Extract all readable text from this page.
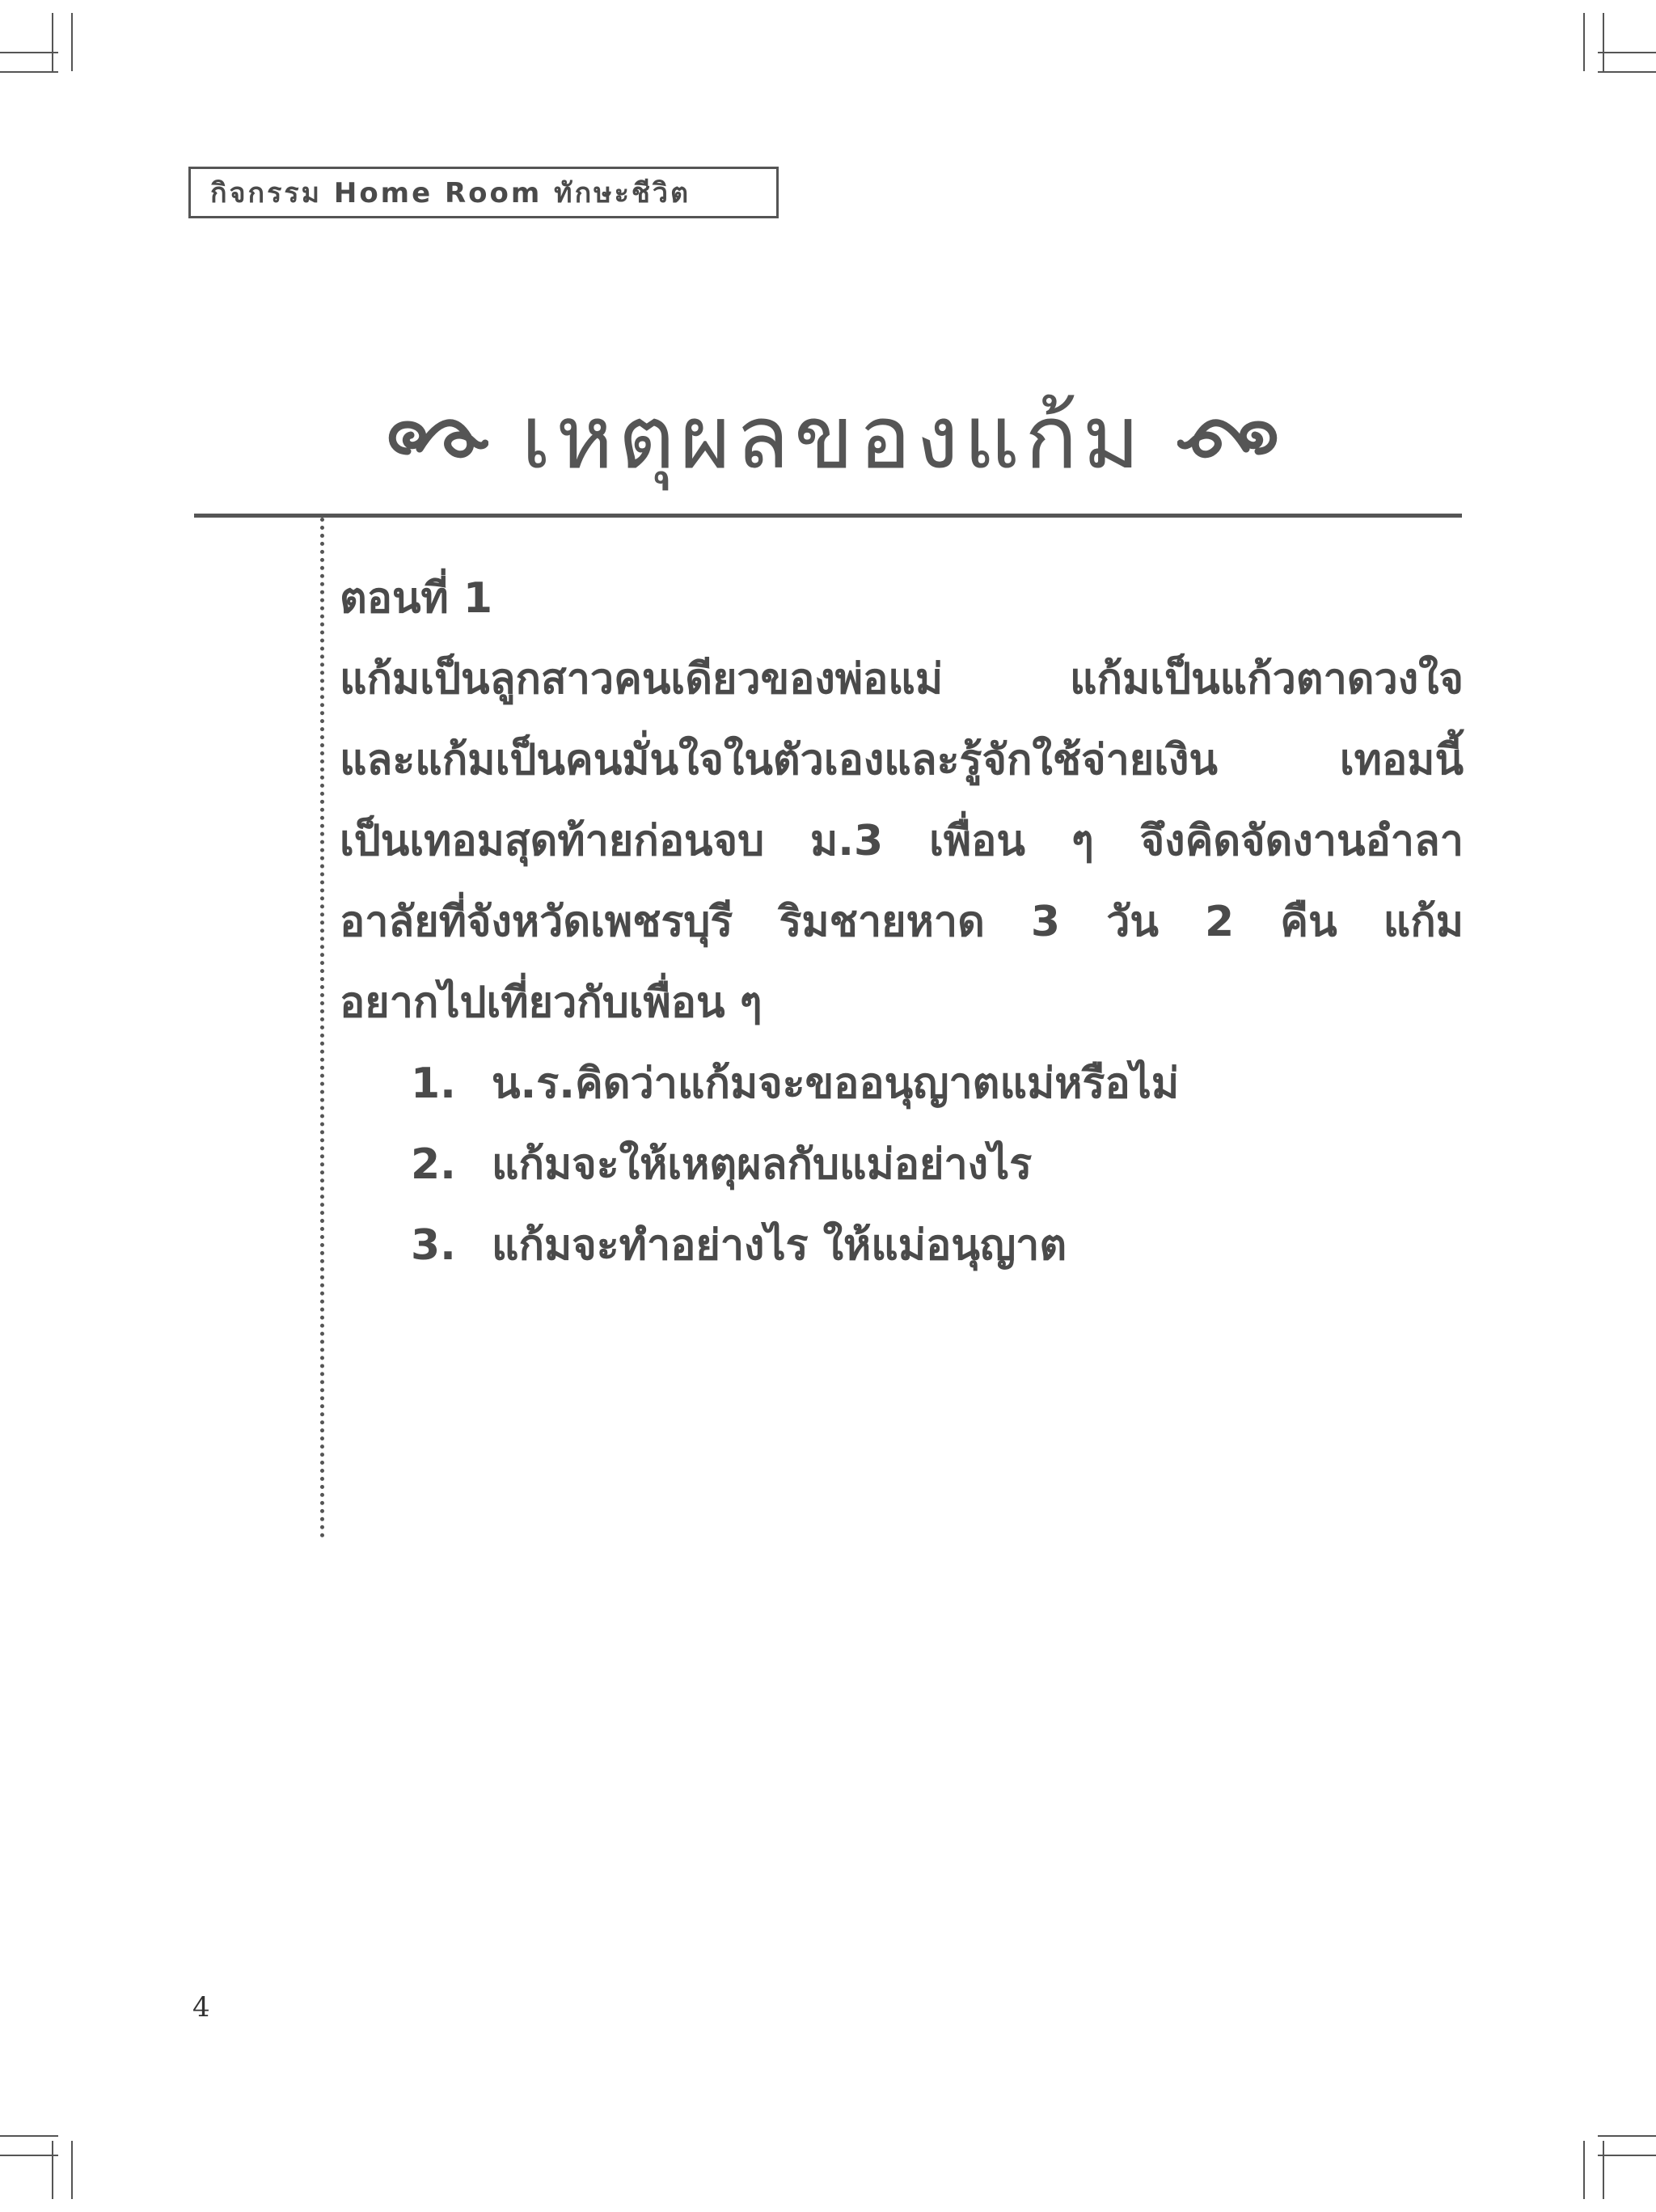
กิจกรรม Home Room ทักษะชีวิต
เหตุผลของแก้ม

ตอนที่ 1

แก้มเป็นลูกสาวคนเดียวของพ่อแม่ แก้มเป็นแก้วตาดวงใจ

และแก้มเป็นคนมั่นใจในตัวเองและรู้จักใช้จ่ายเงิน เทอมนี้

เป็นเทอมสุดท้ายก่อนจบ ม.3 เพื่อน ๆ จึงคิดจัดงานอำลา

อาลัยที่จังหวัดเพชรบุรี ริมชายหาด 3 วัน 2 คืน แก้ม

อยากไปเที่ยวกับเพื่อน ๆ

1. น.ร.คิดว่าแก้มจะขออนุญาตแม่หรือไม่
2. แก้มจะให้เหตุผลกับแม่อย่างไร
3. แก้มจะทำอย่างไร ให้แม่อนุญาต
4
